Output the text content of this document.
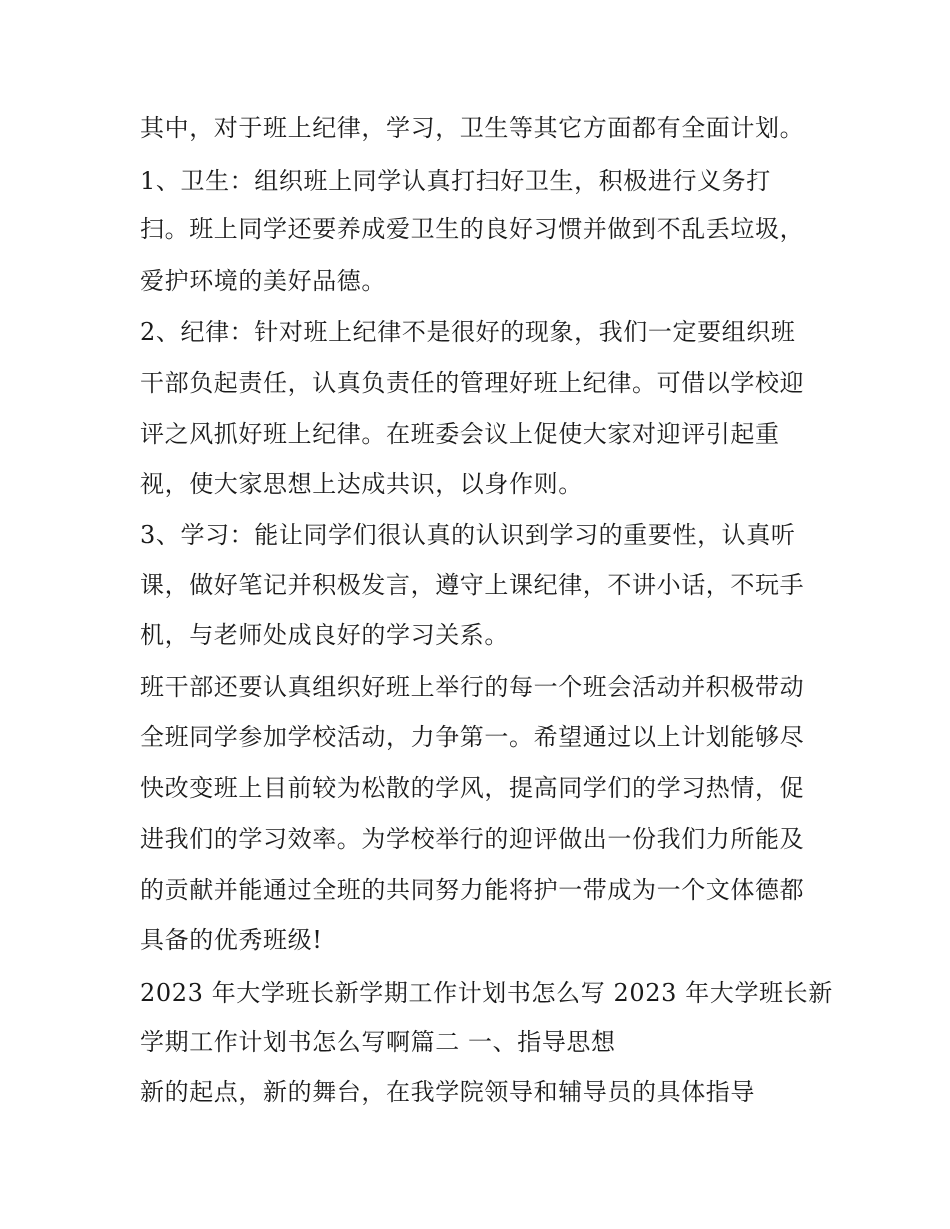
其中，对于班上纪律，学习，卫生等其它方面都有全面计划。
1、卫生：组织班上同学认真打扫好卫生，积极进行义务打
扫。班上同学还要养成爱卫生的良好习惯并做到不乱丢垃圾，
爱护环境的美好品德。
2、纪律：针对班上纪律不是很好的现象，我们一定要组织班
干部负起责任，认真负责任的管理好班上纪律。可借以学校迎
评之风抓好班上纪律。在班委会议上促使大家对迎评引起重
视，使大家思想上达成共识，以身作则。
3、学习：能让同学们很认真的认识到学习的重要性，认真听
课，做好笔记并积极发言，遵守上课纪律，不讲小话，不玩手
机，与老师处成良好的学习关系。
班干部还要认真组织好班上举行的每一个班会活动并积极带动
全班同学参加学校活动，力争第一。希望通过以上计划能够尽
快改变班上目前较为松散的学风，提高同学们的学习热情，促
进我们的学习效率。为学校举行的迎评做出一份我们力所能及
的贡献并能通过全班的共同努力能将护一带成为一个文体德都
具备的优秀班级!
2023 年大学班长新学期工作计划书怎么写 2023 年大学班长新
学期工作计划书怎么写啊篇二 一、指导思想
新的起点，新的舞台，在我学院领导和辅导员的具体指导
